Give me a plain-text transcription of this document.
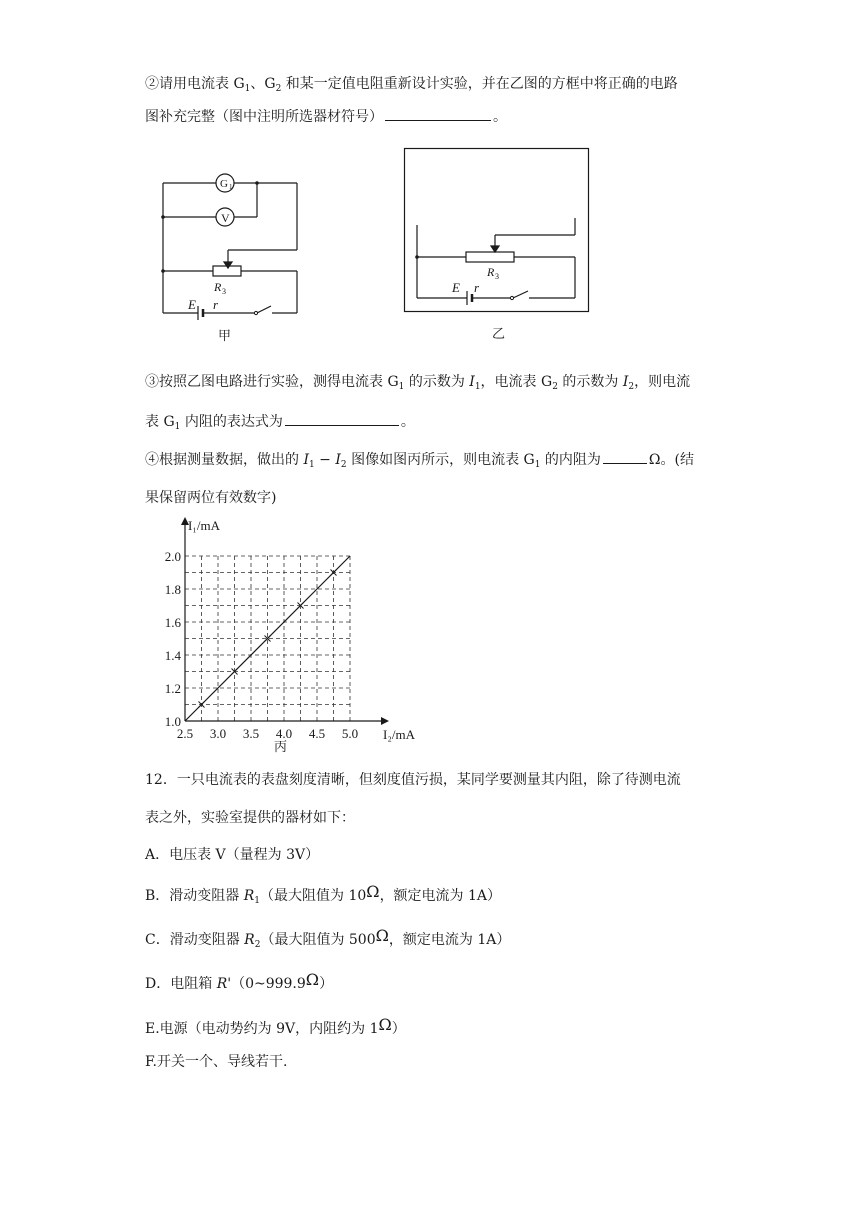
②请用电流表 $G_1$、$G_2$ 和某一定值电阻重新设计实验，并在乙图的方框中将正确的电路
图补充完整（图中注明所选器材符号）	。
G 1
V
R 3
E r
甲
R 3
E r
乙
③按照乙图电路进行实验，测得电流表 $G_1$ 的示数为 $I_1$，电流表 $G_2$ 的示数为 $I_2$，则电流
表 $G_1$ 内阻的表达式为	。
④根据测量数据，做出的 $I_1 - I_2$ 图像如图丙所示，则电流表 $G_1$ 的内阻为	Ω。(结
果保留两位有效数字)
2.5 3.0 3.5 4.0 4.5 5.0
1.0
1.2
1.4
1.6
1.8
2.0
I₁/mA
I₂/mA
丙
12．一只电流表的表盘刻度清晰，但刻度值污损，某同学要测量其内阻，除了待测电流
表之外，实验室提供的器材如下：
A．电压表 V（量程为 3V）
B．滑动变阻器 $R_1$（最大阻值为 10Ω，额定电流为 1A）
C．滑动变阻器 $R_2$（最大阻值为 500Ω，额定电流为 1A）
D．电阻箱 R'（0~999.9Ω）
E.电源（电动势约为 9V，内阻约为 1Ω）
F.开关一个、导线若干.
